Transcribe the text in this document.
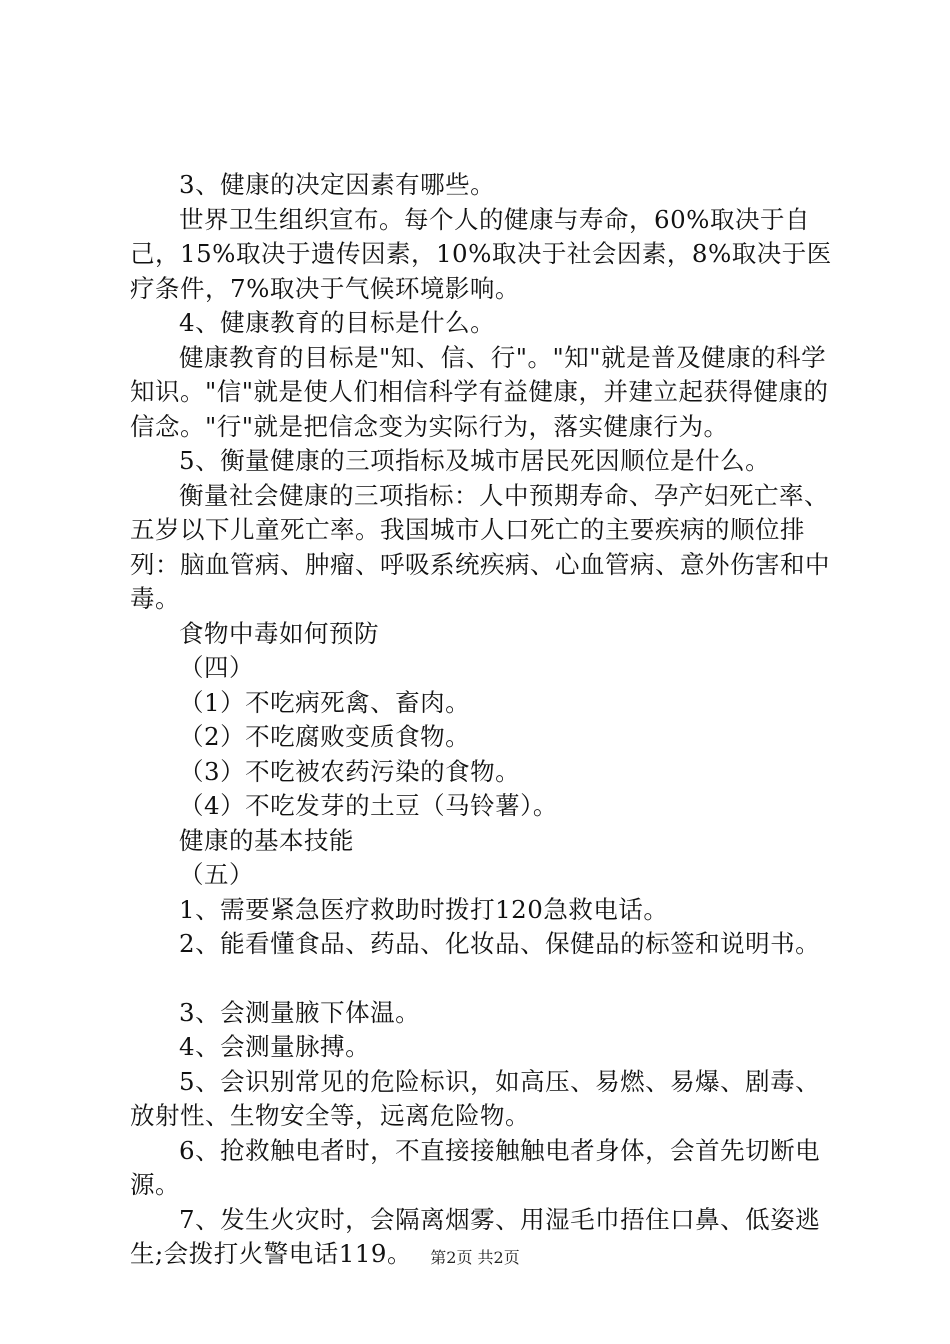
3、健康的决定因素有哪些。

世界卫生组织宣布。每个人的健康与寿命，60%取决于自己，15%取决于遗传因素，10%取决于社会因素，8%取决于医疗条件，7%取决于气候环境影响。

4、健康教育的目标是什么。

健康教育的目标是"知、信、行"。"知"就是普及健康的科学知识。"信"就是使人们相信科学有益健康，并建立起获得健康的信念。"行"就是把信念变为实际行为，落实健康行为。

5、衡量健康的三项指标及城市居民死因顺位是什么。

衡量社会健康的三项指标：人中预期寿命、孕产妇死亡率、五岁以下儿童死亡率。我国城市人口死亡的主要疾病的顺位排列：脑血管病、肿瘤、呼吸系统疾病、心血管病、意外伤害和中毒。

食物中毒如何预防

（四）

（1）不吃病死禽、畜肉。

（2）不吃腐败变质食物。

（3）不吃被农药污染的食物。

（4）不吃发芽的土豆（马铃薯）。

健康的基本技能

（五）

1、需要紧急医疗救助时拨打120急救电话。

2、能看懂食品、药品、化妆品、保健品的标签和说明书。

3、会测量腋下体温。

4、会测量脉搏。

5、会识别常见的危险标识，如高压、易燃、易爆、剧毒、放射性、生物安全等，远离危险物。

6、抢救触电者时，不直接接触触电者身体，会首先切断电源。

7、发生火灾时，会隔离烟雾、用湿毛巾捂住口鼻、低姿逃生;会拨打火警电话119。	第2页 共2页
